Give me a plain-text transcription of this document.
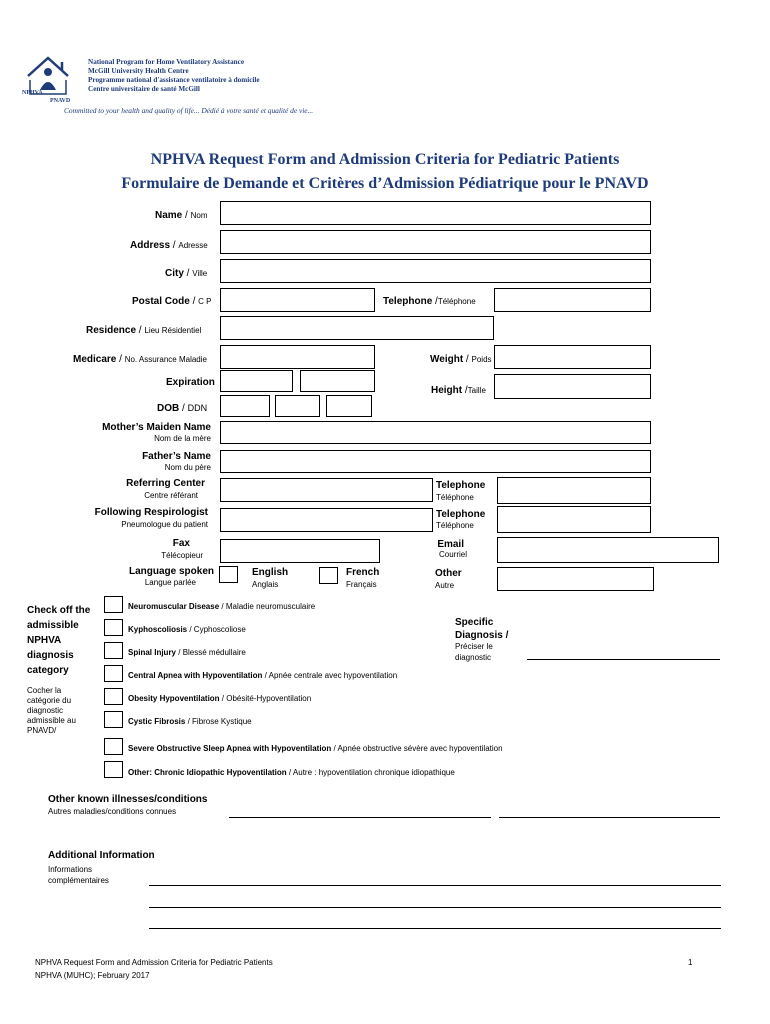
NPHVA
PNAVD
National Program for Home Ventilatory Assistance
McGill University Health Centre
Programme national d'assistance ventilatoire à domicile
Centre universitaire de santé McGill
Committed to your health and quality of life... Dédié à votre santé et qualité de vie...
NPHVA Request Form and Admission Criteria for Pediatric Patients
Formulaire de Demande et Critères d’Admission Pédiatrique pour le PNAVD
Name / Nom
Address / Adresse
City / Ville
Postal Code / C P	Telephone /Téléphone
Residence / Lieu Résidentiel
Medicare / No. Assurance Maladie	Weight / Poids
Expiration
Height /Taille
DOB / DDN
Mother’s Maiden Name
Nom de la mère
Father’s Name
Nom du père
Referring Center
Centre référant
Telephone
Téléphone
Following Respirologist
Pneumologue du patient
Telephone
Téléphone
Fax
Télécopieur
Email
Courriel
Language spoken
Langue parlée
English
Anglais
French
Français
Other
Autre
Check off the
admissible
NPHVA
diagnosis
category
Cocher la
catégorie du
diagnostic
admissible au
PNAVD/
Neuromuscular Disease / Maladie neuromusculaire
Kyphoscoliosis / Cyphoscoliose
Spinal Injury / Blessé médullaire
Central Apnea with Hypoventilation / Apnée centrale avec hypoventilation
Obesity Hypoventilation / Obésité-Hypoventilation
Cystic Fibrosis / Fibrose Kystique
Severe Obstructive Sleep Apnea with Hypoventilation / Apnée obstructive sévère avec hypoventilation
Other: Chronic Idiopathic Hypoventilation / Autre : hypoventilation chronique idiopathique
Specific
Diagnosis /
Préciser le
diagnostic
Other known illnesses/conditions
Autres maladies/conditions connues
Additional Information
Informations
complémentaires
NPHVA Request Form and Admission Criteria for Pediatric Patients
NPHVA (MUHC); February 2017
1
